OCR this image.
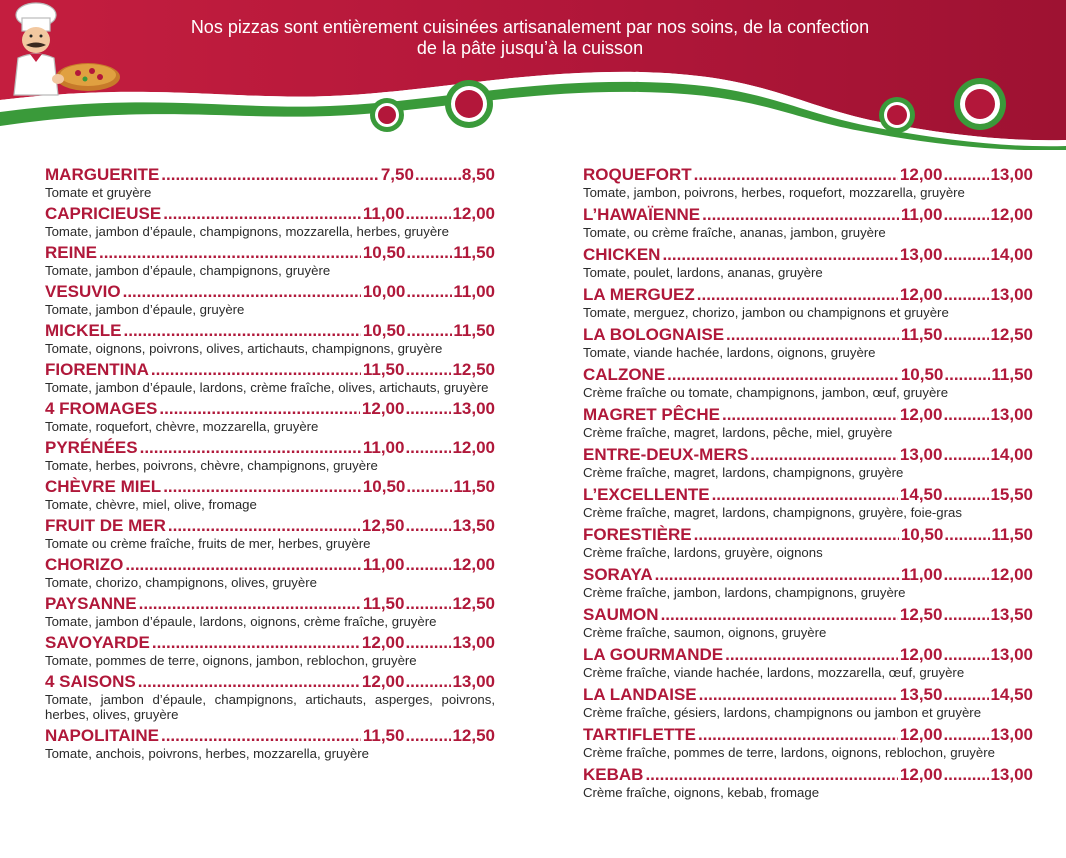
Nos pizzas sont entièrement cuisinées artisanalement par nos soins, de la confection
de la pâte jusqu’à la cuisson
MARGUERITE .....	7,50 .....	8,50
Tomate et gruyère
CAPRICIEUSE .....	11,00 .....	12,00
Tomate, jambon d’épaule, champignons, mozzarella, herbes, gruyère
REINE .....	10,50 .....	11,50
Tomate, jambon d’épaule, champignons, gruyère
VESUVIO .....	10,00 .....	11,00
Tomate, jambon d’épaule, gruyère
MICKELE .....	10,50 .....	11,50
Tomate, oignons, poivrons, olives, artichauts, champignons, gruyère
FIORENTINA .....	11,50 .....	12,50
Tomate, jambon d’épaule, lardons, crème fraîche, olives, artichauts, gruyère
4 FROMAGES .....	12,00 .....	13,00
Tomate, roquefort, chèvre, mozzarella, gruyère
PYRÉNÉES .....	11,00 .....	12,00
Tomate, herbes, poivrons, chèvre, champignons, gruyère
CHÈVRE MIEL .....	10,50 .....	11,50
Tomate, chèvre, miel, olive, fromage
FRUIT DE MER .....	12,50 .....	13,50
Tomate ou crème fraîche, fruits de mer, herbes, gruyère
CHORIZO .....	11,00 .....	12,00
Tomate, chorizo, champignons, olives, gruyère
PAYSANNE .....	11,50 .....	12,50
Tomate, jambon d’épaule, lardons, oignons, crème fraîche, gruyère
SAVOYARDE .....	12,00 .....	13,00
Tomate, pommes de terre, oignons, jambon, reblochon, gruyère
4 SAISONS .....	12,00 .....	13,00
Tomate, jambon d’épaule, champignons, artichauts, asperges, poivrons, herbes, olives, gruyère
NAPOLITAINE .....	11,50 .....	12,50
Tomate, anchois, poivrons, herbes, mozzarella, gruyère
ROQUEFORT .....	12,00 .....	13,00
Tomate, jambon, poivrons, herbes, roquefort, mozzarella, gruyère
L’HAWAÏENNE .....	11,00 .....	12,00
Tomate, ou crème fraîche, ananas, jambon, gruyère
CHICKEN .....	13,00 .....	14,00
Tomate, poulet, lardons, ananas, gruyère
LA MERGUEZ .....	12,00 .....	13,00
Tomate, merguez, chorizo, jambon ou champignons et gruyère
LA BOLOGNAISE .....	11,50 .....	12,50
Tomate, viande hachée, lardons, oignons, gruyère
CALZONE .....	10,50 .....	11,50
Crème fraîche ou tomate, champignons, jambon, œuf, gruyère
MAGRET PÊCHE .....	12,00 .....	13,00
Crème fraîche, magret, lardons, pêche, miel, gruyère
ENTRE-DEUX-MERS .....	13,00 .....	14,00
Crème fraîche, magret, lardons, champignons, gruyère
L’EXCELLENTE .....	14,50 .....	15,50
Crème fraîche, magret, lardons, champignons, gruyère, foie-gras
FORESTIÈRE .....	10,50 .....	11,50
Crème fraîche, lardons, gruyère, oignons
SORAYA .....	11,00 .....	12,00
Crème fraîche, jambon, lardons, champignons, gruyère
SAUMON .....	12,50 .....	13,50
Crème fraîche, saumon, oignons, gruyère
LA GOURMANDE .....	12,00 .....	13,00
Crème fraîche, viande hachée, lardons, mozzarella, œuf, gruyère
LA LANDAISE .....	13,50 .....	14,50
Crème fraîche, gésiers, lardons, champignons ou jambon et gruyère
TARTIFLETTE .....	12,00 .....	13,00
Crème fraîche, pommes de terre, lardons, oignons, reblochon, gruyère
KEBAB .....	12,00 .....	13,00
Crème fraîche, oignons, kebab, fromage
